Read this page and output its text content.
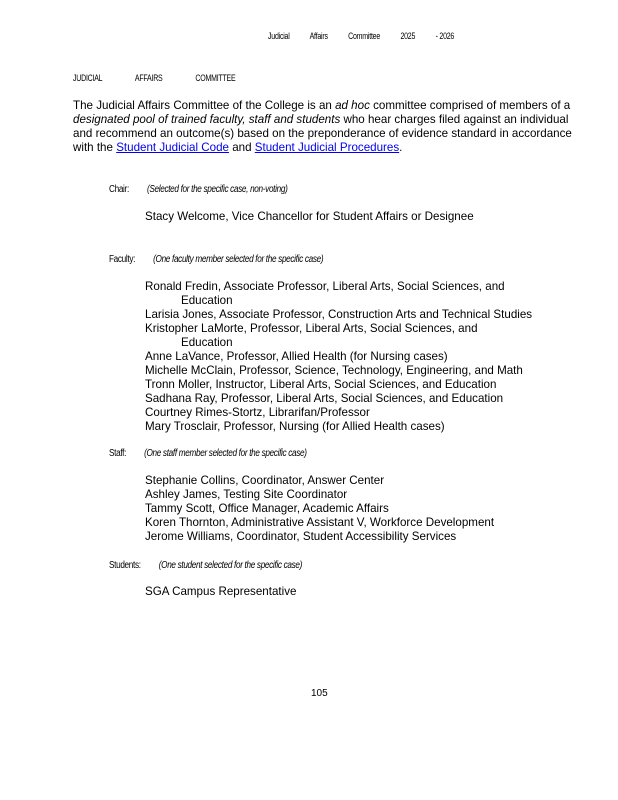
Judicial Affairs Committee 2025 - 2026
JUDICIAL	AFFAIRS	COMMITTEE
The Judicial Affairs Committee of the College is an ad hoc committee comprised of members of a designated pool of trained faculty, staff and students who hear charges filed against an individual and recommend an outcome(s) based on the preponderance of evidence standard in accordance with the Student Judicial Code and Student Judicial Procedures.
Chair: (Selected for the specific case, non-voting)
Stacy Welcome, Vice Chancellor for Student Affairs or Designee
Faculty: (One faculty member selected for the specific case)
Ronald Fredin, Associate Professor, Liberal Arts, Social Sciences, and
Education
Larisia Jones, Associate Professor, Construction Arts and Technical Studies
Kristopher LaMorte, Professor, Liberal Arts, Social Sciences, and
Education
Anne LaVance, Professor, Allied Health (for Nursing cases)
Michelle McClain, Professor, Science, Technology, Engineering, and Math
Tronn Moller, Instructor, Liberal Arts, Social Sciences, and Education
Sadhana Ray, Professor, Liberal Arts, Social Sciences, and Education
Courtney Rimes-Stortz, Librarifan/Professor
Mary Trosclair, Professor, Nursing (for Allied Health cases)
Staff: (One staff member selected for the specific case)
Stephanie Collins, Coordinator, Answer Center
Ashley James, Testing Site Coordinator
Tammy Scott, Office Manager, Academic Affairs
Koren Thornton, Administrative Assistant V, Workforce Development
Jerome Williams, Coordinator, Student Accessibility Services
Students: (One student selected for the specific case)
SGA Campus Representative
105
